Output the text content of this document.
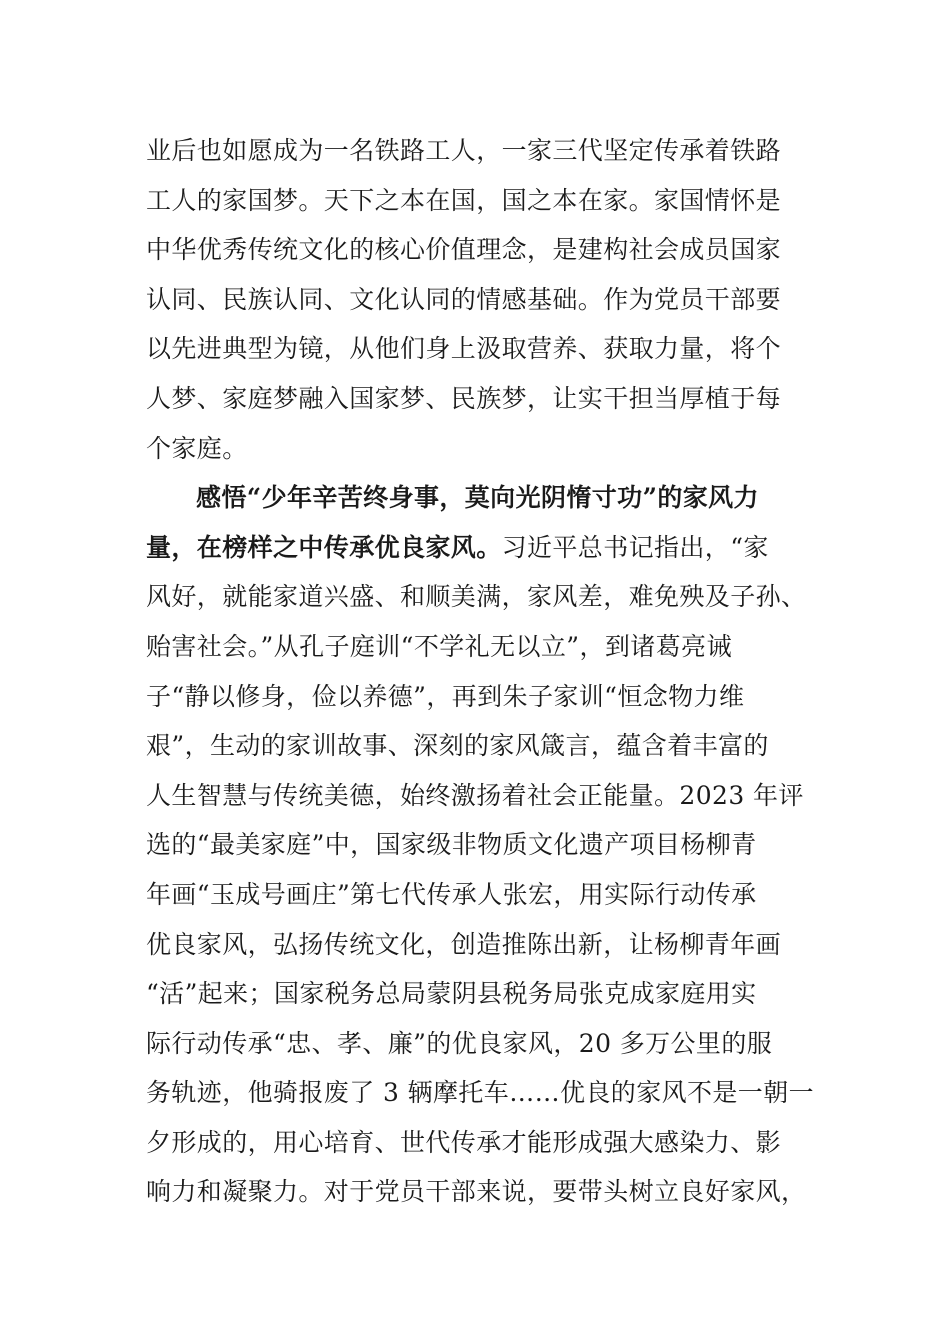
业后也如愿成为一名铁路工人，一家三代坚定传承着铁路
工人的家国梦。天下之本在国，国之本在家。家国情怀是
中华优秀传统文化的核心价值理念，是建构社会成员国家
认同、民族认同、文化认同的情感基础。作为党员干部要
以先进典型为镜，从他们身上汲取营养、获取力量，将个
人梦、家庭梦融入国家梦、民族梦，让实干担当厚植于每
个家庭。
感悟“少年辛苦终身事，莫向光阴惰寸功”的家风力
量，在榜样之中传承优良家风。习近平总书记指出，“家
风好，就能家道兴盛、和顺美满，家风差，难免殃及子孙、
贻害社会。”从孔子庭训“不学礼无以立”，到诸葛亮诫
子“静以修身，俭以养德”，再到朱子家训“恒念物力维
艰”，生动的家训故事、深刻的家风箴言，蕴含着丰富的
人生智慧与传统美德，始终激扬着社会正能量。2023 年评
选的“最美家庭”中，国家级非物质文化遗产项目杨柳青
年画“玉成号画庄”第七代传承人张宏，用实际行动传承
优良家风，弘扬传统文化，创造推陈出新，让杨柳青年画
“活”起来；国家税务总局蒙阴县税务局张克成家庭用实
际行动传承“忠、孝、廉”的优良家风，20 多万公里的服
务轨迹，他骑报废了 3 辆摩托车……优良的家风不是一朝一
夕形成的，用心培育、世代传承才能形成强大感染力、影
响力和凝聚力。对于党员干部来说，要带头树立良好家风，
